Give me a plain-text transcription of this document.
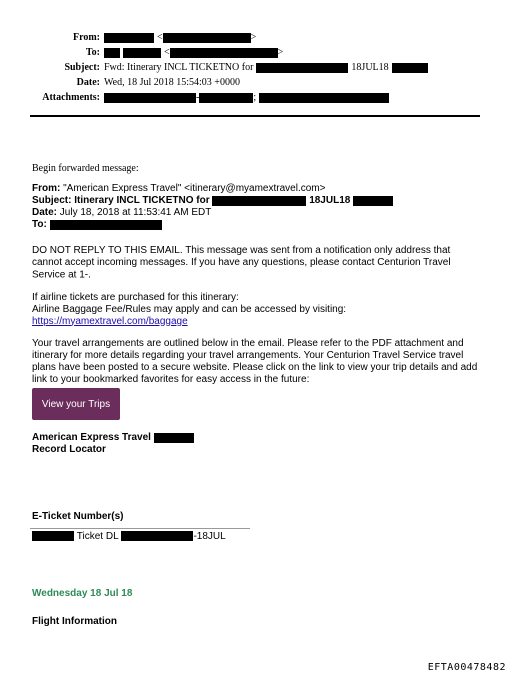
From:	<	>
To:	<	>
Subject: Fwd: Itinerary INCL TICKETNO for	18JUL18
Date: Wed, 18 Jul 2018 15:54:03 +0000
Attachments:	-	;
Begin forwarded message:
From:
"American Express Travel" <itinerary@myamextravel.com>
Subject:
Itinerary INCL TICKETNO for

	18JUL18

Date:
July 18, 2018 at 11:53:41 AM EDT
To:

DO NOT REPLY TO THIS EMAIL. This message was sent from a notification only address that cannot accept incoming messages. If you have any questions, please contact Centurion Travel Service at 1-.
If airline tickets are purchased for this itinerary:
Airline Baggage Fee/Rules may apply and can be accessed by visiting:
https://myamextravel.com/baggage
Your travel arrangements are outlined below in the email. Please refer to the PDF attachment and itinerary for more details regarding your travel arrangements. Your Centurion Travel Service travel plans have been posted to a secure website. Please click on the link to view your trip details and add link to your bookmarked favorites for easy access in the future:
View your Trips
American Express Travel

Record Locator
E-Ticket Number(s)

Ticket DL
	-18JUL
Wednesday 18 Jul 18
Flight Information
EFTA00478482
